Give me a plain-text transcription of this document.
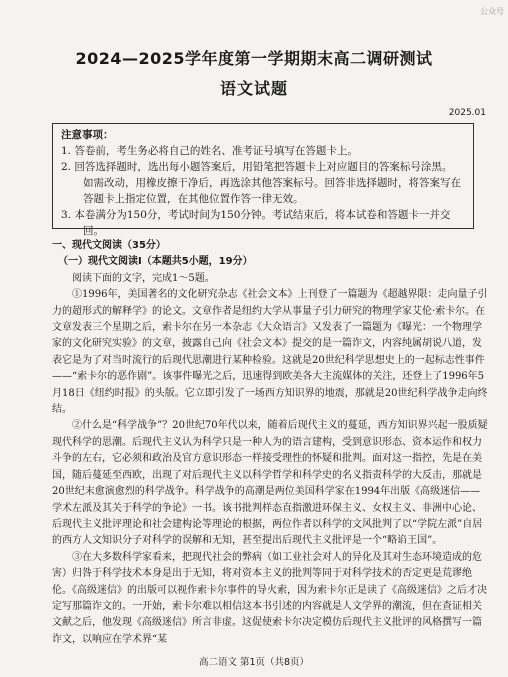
公众号
2024—2025学年度第一学期期末高二调研测试
语文试题
2025.01
注意事项：
1. 答卷前，考生务必将自己的姓名、准考证号填写在答题卡上。
2. 回答选择题时，选出每小题答案后，用铅笔把答题卡上对应题目的答案标号涂黑。
如需改动，用橡皮擦干净后，再选涂其他答案标号。回答非选择题时，将答案写在
答题卡上指定位置，在其他位置作答一律无效。
3. 本卷满分为150分，考试时间为150分钟。考试结束后，将本试卷和答题卡一并交
回。
一、现代文阅读（35分）
（一）现代文阅读Ⅰ（本题共5小题，19分）
阅读下面的文字，完成1～5题。
①1996年，美国著名的文化研究杂志《社会文本》上刊登了一篇题为《超越界限：走向量子引力的超形式的解释学》的论文。文章作者是纽约大学从事量子引力研究的物理学家艾伦·索卡尔。在文章发表三个星期之后，索卡尔在另一本杂志《大众语言》又发表了一篇题为《曝光：一个物理学家的文化研究实验》的文章，披露自己向《社会文本》提交的是一篇诈文，内容纯属胡说八道，发表它是为了对当时流行的后现代思潮进行某种检验。这就是20世纪科学思想史上的一起标志性事件——“索卡尔的恶作剧”。该事件曝光之后，迅速得到欧美各大主流媒体的关注，还登上了1996年5月18日《纽约时报》的头版。它立即引发了一场西方知识界的地震，那就是20世纪科学战争走向终结。
②什么是“科学战争”？20世纪70年代以来，随着后现代主义的蔓延，西方知识界兴起一股质疑现代科学的思潮。后现代主义认为科学只是一种人为的语言建构，受到意识形态、资本运作和权力斗争的左右，它必须和政治及官方意识形态一样接受理性的怀疑和批判。面对这一指控，先是在美国，随后蔓延至西欧，出现了对后现代主义以科学哲学和科学史的名义指责科学的大反击，那就是20世纪末愈演愈烈的科学战争。科学战争的高潮是两位美国科学家在1994年出版《高级迷信——学术左派及其关于科学的争论》一书。该书批判样态直指激进环保主义、女权主义、非洲中心论、后现代主义批评理论和社会建构论等理论的根据，两位作者以科学的文风批判了以“学院左派”自居的西方人文知识分子对科学的误解和无知，甚至提出后现代主义批评是一个“略谄王国”。
③在大多数科学家看来，把现代社会的弊病（如工业社会对人的异化及其对生态环境造成的危害）归咎于科学技术本身是出于无知，将对资本主义的批判等同于对科学技术的否定更是荒谬绝伦。《高级迷信》的出版可以视作索卡尔事件的导火索，因为索卡尔正是读了《高级迷信》之后才决定写那篇诈文的。一开始，索卡尔难以相信这本书引述的内容就是人文学界的潮流，但在查证相关文献之后，他发现《高级迷信》所言非虚。这促使索卡尔决定模仿后现代主义批评的风格撰写一篇诈文，以响应在学术界“某
高二语文 第1页（共8页）
